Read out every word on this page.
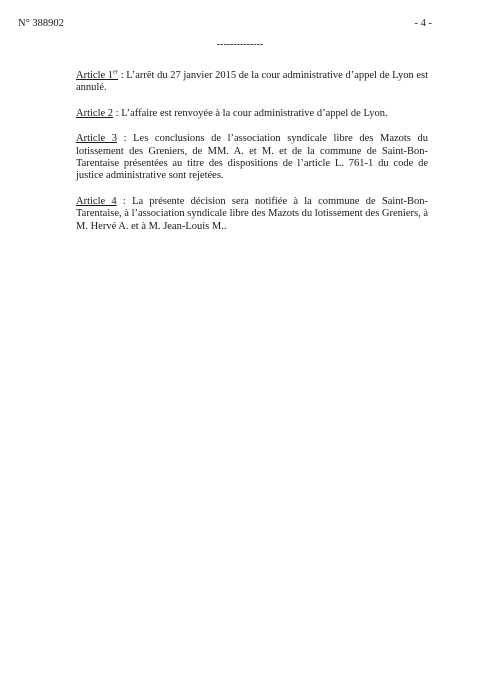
N° 388902	- 4 -
--------------

Article 1er : L’arrêt du 27 janvier 2015 de la cour administrative d’appel de Lyon est annulé.

Article 2 : L’affaire est renvoyée à la cour administrative d’appel de Lyon.

Article 3 : Les conclusions de l’association syndicale libre des Mazots du lotissement des Greniers, de MM. A. et M. et de la commune de Saint-Bon-Tarentaise présentées au titre des dispositions de l’article L. 761-1 du code de justice administrative sont rejetées.

Article 4 : La présente décision sera notifiée à la commune de Saint-Bon-Tarentaise, à l’association syndicale libre des Mazots du lotissement des Greniers, à M. Hervé A. et à M. Jean-Louis M..
